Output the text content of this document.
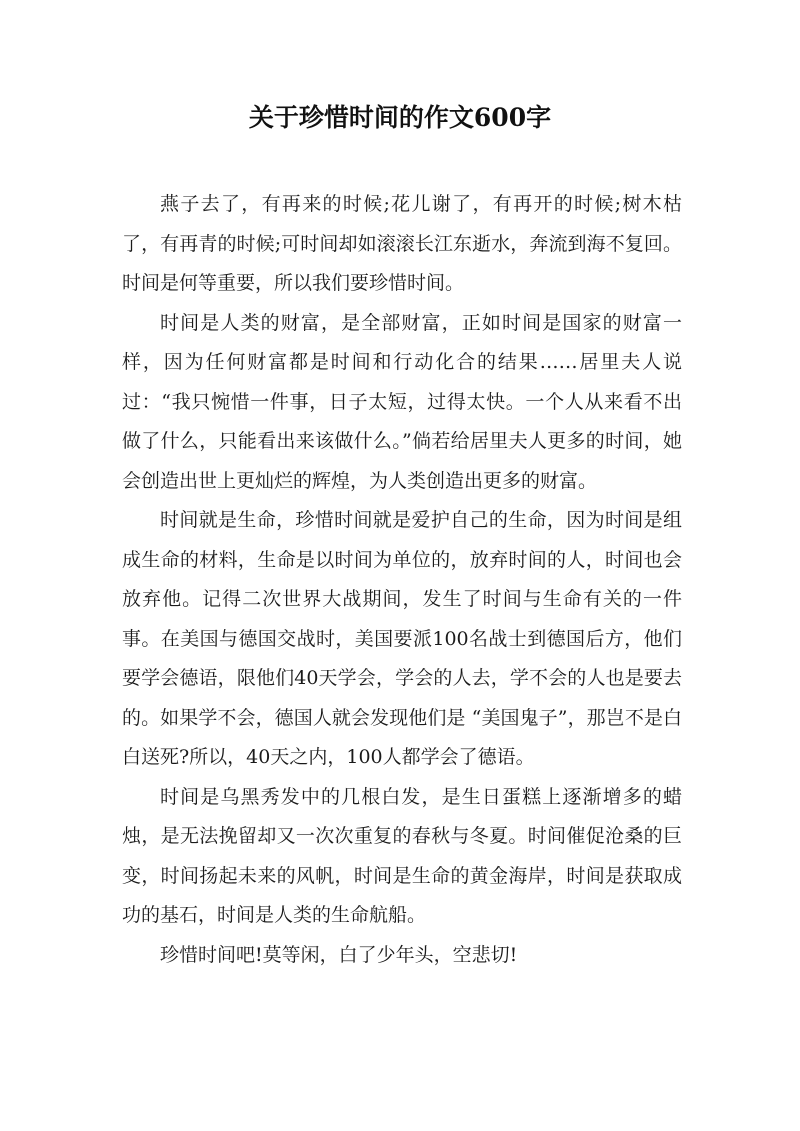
关于珍惜时间的作文600字

燕子去了，有再来的时候;花儿谢了，有再开的时候;树木枯了，有再青的时候;可时间却如滚滚长江东逝水，奔流到海不复回。时间是何等重要，所以我们要珍惜时间。

时间是人类的财富，是全部财富，正如时间是国家的财富一样，因为任何财富都是时间和行动化合的结果……居里夫人说过：“我只惋惜一件事，日子太短，过得太快。一个人从来看不出做了什么，只能看出来该做什么。”倘若给居里夫人更多的时间，她会创造出世上更灿烂的辉煌，为人类创造出更多的财富。

时间就是生命，珍惜时间就是爱护自己的生命，因为时间是组成生命的材料，生命是以时间为单位的，放弃时间的人，时间也会放弃他。记得二次世界大战期间，发生了时间与生命有关的一件事。在美国与德国交战时，美国要派100名战士到德国后方，他们要学会德语，限他们40天学会，学会的人去，学不会的人也是要去的。如果学不会，德国人就会发现他们是 “美国鬼子”，那岂不是白白送死?所以，40天之内，100人都学会了德语。

时间是乌黑秀发中的几根白发，是生日蛋糕上逐渐增多的蜡烛，是无法挽留却又一次次重复的春秋与冬夏。时间催促沧桑的巨变，时间扬起未来的风帆，时间是生命的黄金海岸，时间是获取成功的基石，时间是人类的生命航船。

珍惜时间吧!莫等闲，白了少年头，空悲切!
